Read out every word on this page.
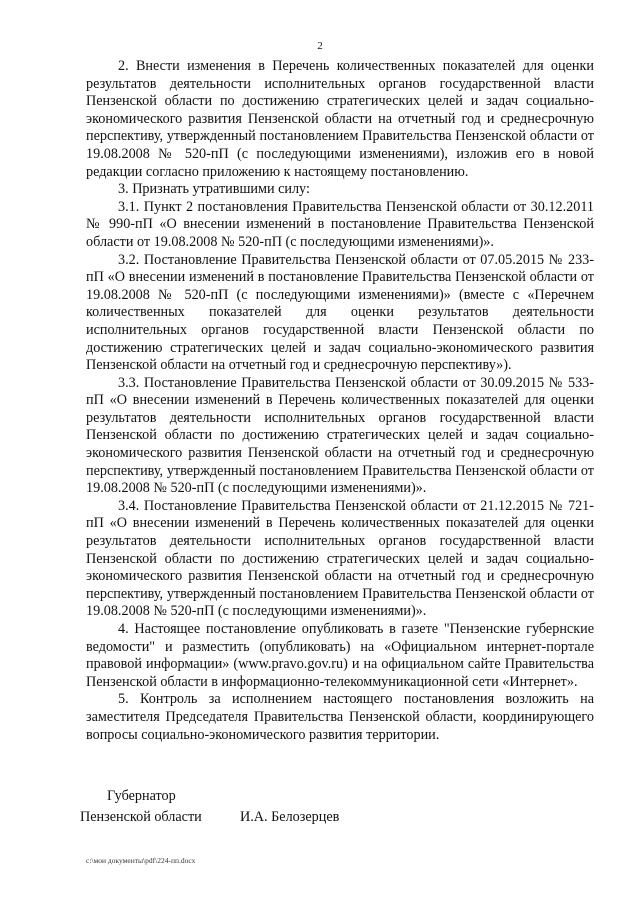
2

2. Внести изменения в Перечень количественных показателей для оценки результатов деятельности исполнительных органов государственной власти Пензенской области по достижению стратегических целей и задач социально-экономического развития Пензенской области на отчетный год и среднесрочную перспективу, утвержденный постановлением Правительства Пензенской области от 19.08.2008 № 520-пП (с последующими изменениями), изложив его в новой редакции согласно приложению к настоящему постановлению.

3. Признать утратившими силу:

3.1. Пункт 2 постановления Правительства Пензенской области от 30.12.2011 № 990-пП «О внесении изменений в постановление Правительства Пензенской области от 19.08.2008 № 520-пП (с последующими изменениями)».

3.2. Постановление Правительства Пензенской области от 07.05.2015 № 233-пП «О внесении изменений в постановление Правительства Пензенской области от 19.08.2008 № 520-пП (с последующими изменениями)» (вместе с «Перечнем количественных показателей для оценки результатов деятельности исполнительных органов государственной власти Пензенской области по достижению стратегических целей и задач социально-экономического развития Пензенской области на отчетный год и среднесрочную перспективу»).

3.3. Постановление Правительства Пензенской области от 30.09.2015 № 533-пП «О внесении изменений в Перечень количественных показателей для оценки результатов деятельности исполнительных органов государственной власти Пензенской области по достижению стратегических целей и задач социально-экономического развития Пензенской области на отчетный год и среднесрочную перспективу, утвержденный постановлением Правительства Пензенской области от 19.08.2008 № 520-пП (с последующими изменениями)».

3.4. Постановление Правительства Пензенской области от 21.12.2015 № 721-пП «О внесении изменений в Перечень количественных показателей для оценки результатов деятельности исполнительных органов государственной власти Пензенской области по достижению стратегических целей и задач социально-экономического развития Пензенской области на отчетный год и среднесрочную перспективу, утвержденный постановлением Правительства Пензенской области от 19.08.2008 № 520-пП (с последующими изменениями)».

4. Настоящее постановление опубликовать в газете "Пензенские губернские ведомости" и разместить (опубликовать) на «Официальном интернет-портале правовой информации» (www.pravo.gov.ru) и на официальном сайте Правительства Пензенской области в информационно-телекоммуникационной сети «Интернет».

5. Контроль за исполнением настоящего постановления возложить на заместителя Председателя Правительства Пензенской области, координирующего вопросы социально-экономического развития территории.

Губернатор
Пензенской области	И.А. Белозерцев
c:\мои документы\pdf\224-пп.docx
